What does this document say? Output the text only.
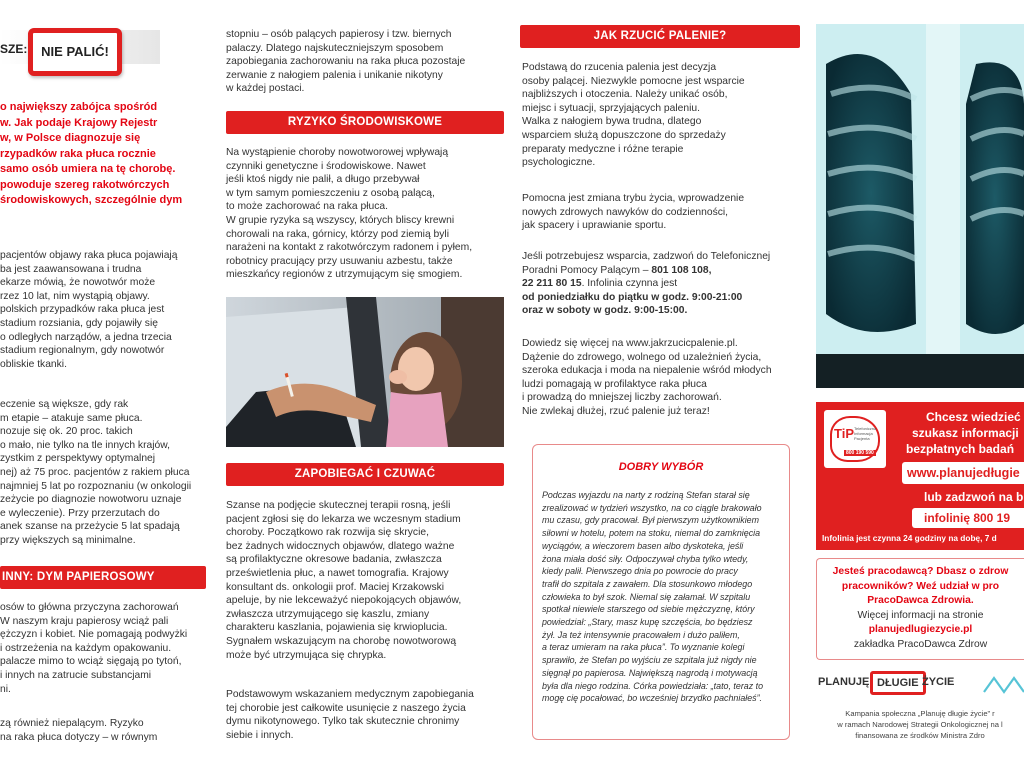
SZE:	NIE PALIĆ!
o największy zabójca spośród
w. Jak podaje Krajowy Rejestr
w, w Polsce diagnozuje się
rzypadków raka płuca rocznie
samo osób umiera na tę chorobę.
powoduje szereg rakotwórczych
środowiskowych, szczególnie dym
pacjentów objawy raka płuca pojawiają
ba jest zaawansowana i trudna
ekarze mówią, że nowotwór może
rzez 10 lat, nim wystąpią objawy.
polskich przypadków raka płuca jest
stadium rozsiania, gdy pojawiły się
o odległych narządów, a jedna trzecia
stadium regionalnym, gdy nowotwór
obliskie tkanki.
eczenie są większe, gdy rak
m etapie – atakuje same płuca.
nozuje się ok. 20 proc. takich
o mało, nie tylko na tle innych krajów,
zystkim z perspektywy optymalnej
nej) aż 75 proc. pacjentów z rakiem płuca
najmniej 5 lat po rozpoznaniu (w onkologii
zeżycie po diagnozie nowotworu uznaje
e wyleczenie). Przy przerzutach do
anek szanse na przeżycie 5 lat spadają
przy większych są minimalne.
INNY: DYM PAPIEROSOWY
osów to główna przyczyna zachorowań
W naszym kraju papierosy wciąż pali
ężczyzn i kobiet. Nie pomagają podwyżki
i ostrzeżenia na każdym opakowaniu.
palacze mimo to wciąż sięgają po tytoń,
i innych na zatrucie substancjami
ni.
zą również niepalącym. Ryzyko
na raka płuca dotyczy – w równym
stopniu – osób palących papierosy i tzw. biernych
palaczy. Dlatego najskuteczniejszym sposobem
zapobiegania zachorowaniu na raka płuca pozostaje
zerwanie z nałogiem palenia i unikanie nikotyny
w każdej postaci.
RYZYKO ŚRODOWISKOWE
Na wystąpienie choroby nowotworowej wpływają
czynniki genetyczne i środowiskowe. Nawet
jeśli ktoś nigdy nie palił, a długo przebywał
w tym samym pomieszczeniu z osobą palącą,
to może zachorować na raka płuca.
W grupie ryzyka są wszyscy, których bliscy krewni
chorowali na raka, górnicy, którzy pod ziemią byli
narażeni na kontakt z rakotwórczym radonem i pyłem,
robotnicy pracujący przy usuwaniu azbestu, także
mieszkańcy regionów z utrzymującym się smogiem.
ZAPOBIEGAĆ I CZUWAĆ
Szanse na podjęcie skutecznej terapii rosną, jeśli
pacjent zgłosi się do lekarza we wczesnym stadium
choroby. Początkowo rak rozwija się skrycie,
bez żadnych widocznych objawów, dlatego ważne
są profilaktyczne okresowe badania, zwłaszcza
prześwietlenia płuc, a nawet tomografia. Krajowy
konsultant ds. onkologii prof. Maciej Krzakowski
apeluje, by nie lekceważyć niepokojących objawów,
zwłaszcza utrzymującego się kaszlu, zmiany
charakteru kaszlania, pojawienia się krwioplucia.
Sygnałem wskazującym na chorobę nowotworową
może być utrzymująca się chrypka.
Podstawowym wskazaniem medycznym zapobiegania
tej chorobie jest całkowite usunięcie z naszego życia
dymu nikotynowego. Tylko tak skutecznie chronimy
siebie i innych.
JAK RZUCIĆ PALENIE?
Podstawą do rzucenia palenia jest decyzja
osoby palącej. Niezwykle pomocne jest wsparcie
najbliższych i otoczenia. Należy unikać osób,
miejsc i sytuacji, sprzyjających paleniu.
Walka z nałogiem bywa trudna, dlatego
wsparciem służą dopuszczone do sprzedaży
preparaty medyczne i różne terapie
psychologiczne.
Pomocna jest zmiana trybu życia, wprowadzenie
nowych zdrowych nawyków do codzienności,
jak spacery i uprawianie sportu.
Jeśli potrzebujesz wsparcia, zadzwoń do Telefonicznej
Poradni Pomocy Palącym – 801 108 108,
22 211 80 15. Infolinia czynna jest
od poniedziałku do piątku w godz. 9:00-21:00
oraz w soboty w godz. 9:00-15:00.
Dowiedz się więcej na www.jakrzucicpalenie.pl.
Dążenie do zdrowego, wolnego od uzależnień życia,
szeroka edukacja i moda na niepalenie wśród młodych
ludzi pomagają w profilaktyce raka płuca
i prowadzą do mniejszej liczby zachorowań.
Nie zwlekaj dłużej, rzuć palenie już teraz!
DOBRY WYBÓR
Podczas wyjazdu na narty z rodziną Stefan starał się
zrealizować w tydzień wszystko, na co ciągle brakowało
mu czasu, gdy pracował. Był pierwszym użytkownikiem
siłowni w hotelu, potem na stoku, niemal do zamknięcia
wyciągów, a wieczorem basen albo dyskoteka, jeśli
żona miała dość siły. Odpoczywał chyba tylko wtedy,
kiedy palił. Pierwszego dnia po powrocie do pracy
trafił do szpitala z zawałem. Dla stosunkowo młodego
człowieka to był szok. Niemal się załamał. W szpitalu
spotkał niewiele starszego od siebie mężczyznę, który
powiedział: „Stary, masz kupę szczęścia, bo będziesz
żył. Ja też intensywnie pracowałem i dużo paliłem,
a teraz umieram na raka płuca”. To wyznanie kolegi
sprawiło, że Stefan po wyjściu ze szpitala już nigdy nie
sięgnął po papierosa. Największą nagrodą i motywacją
była dla niego rodzina. Córka powiedziała: „tato, teraz to
mogę cię pocałować, bo wcześniej brzydko pachniałeś”.
TiP Telefoniczna Informacja Pacjenta
800 190 590
Chcesz wiedzieć
szukasz informacji
bezpłatnych badań
www.planujedługie
lub zadzwoń na b
infolinię 800 19
Infolinia jest czynna 24 godziny na dobę, 7 d
Jesteś pracodawcą? Dbasz o zdrow
pracowników? Weź udział w pro
PracoDawca Zdrowia.
Więcej informacji na stronie
planujedlugiezycie.pl
zakładka PracoDawca Zdrow
PLANUJĘ DŁUGIE ŻYCIE
Kampania społeczna „Planuję długie życie” r
w ramach Narodowej Strategii Onkologicznej na l
finansowana ze środków Ministra Zdro
